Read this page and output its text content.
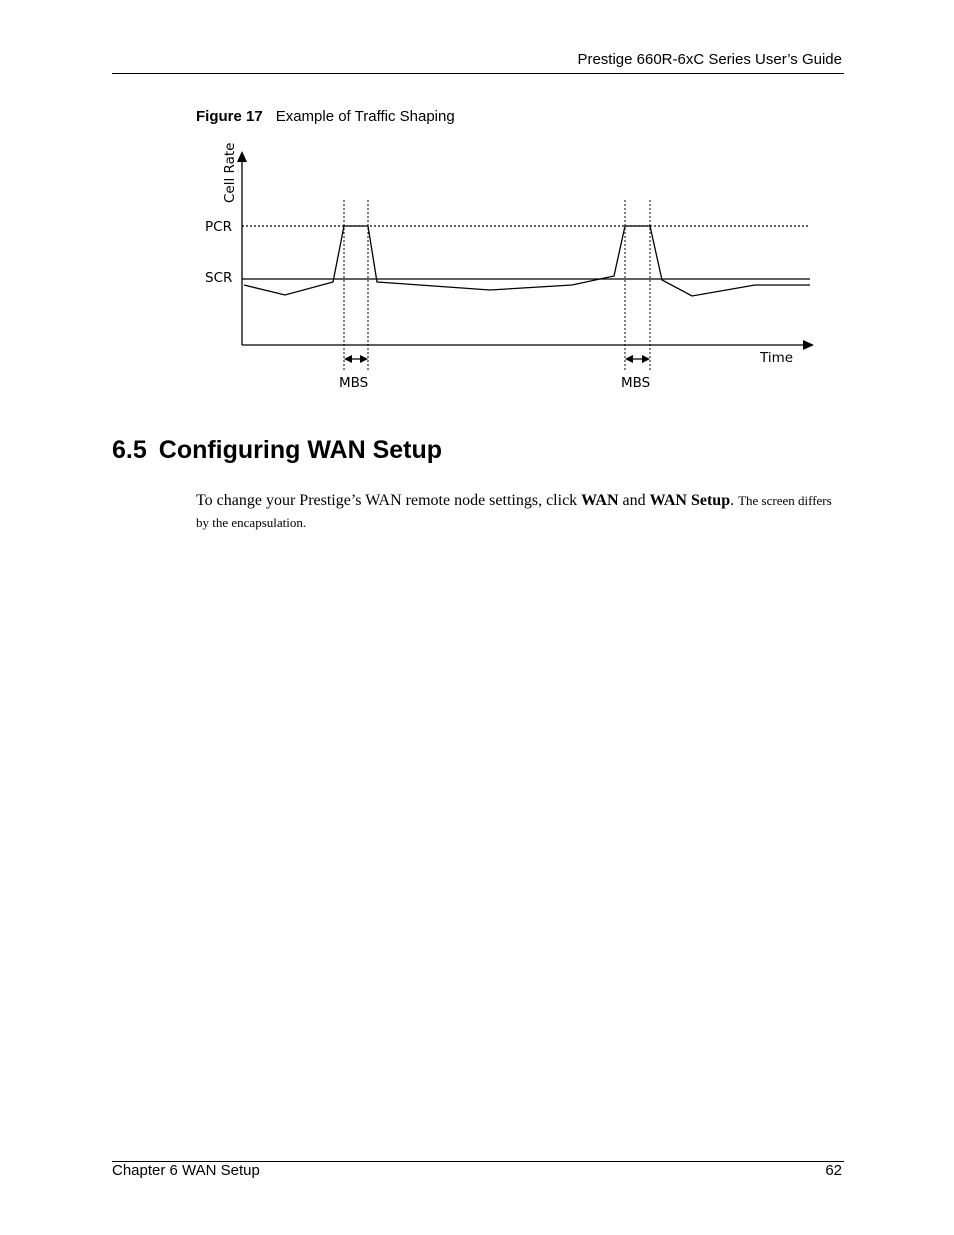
Prestige 660R-6xC Series User’s Guide
Figure 17 Example of Traffic Shaping
Cell Rate
Time
PCR
SCR
MBS	MBS
6.5 Configuring WAN Setup

To change your Prestige’s WAN remote node settings, click WAN and WAN Setup. The screen differs by the encapsulation.

Chapter 6 WAN Setup	62
